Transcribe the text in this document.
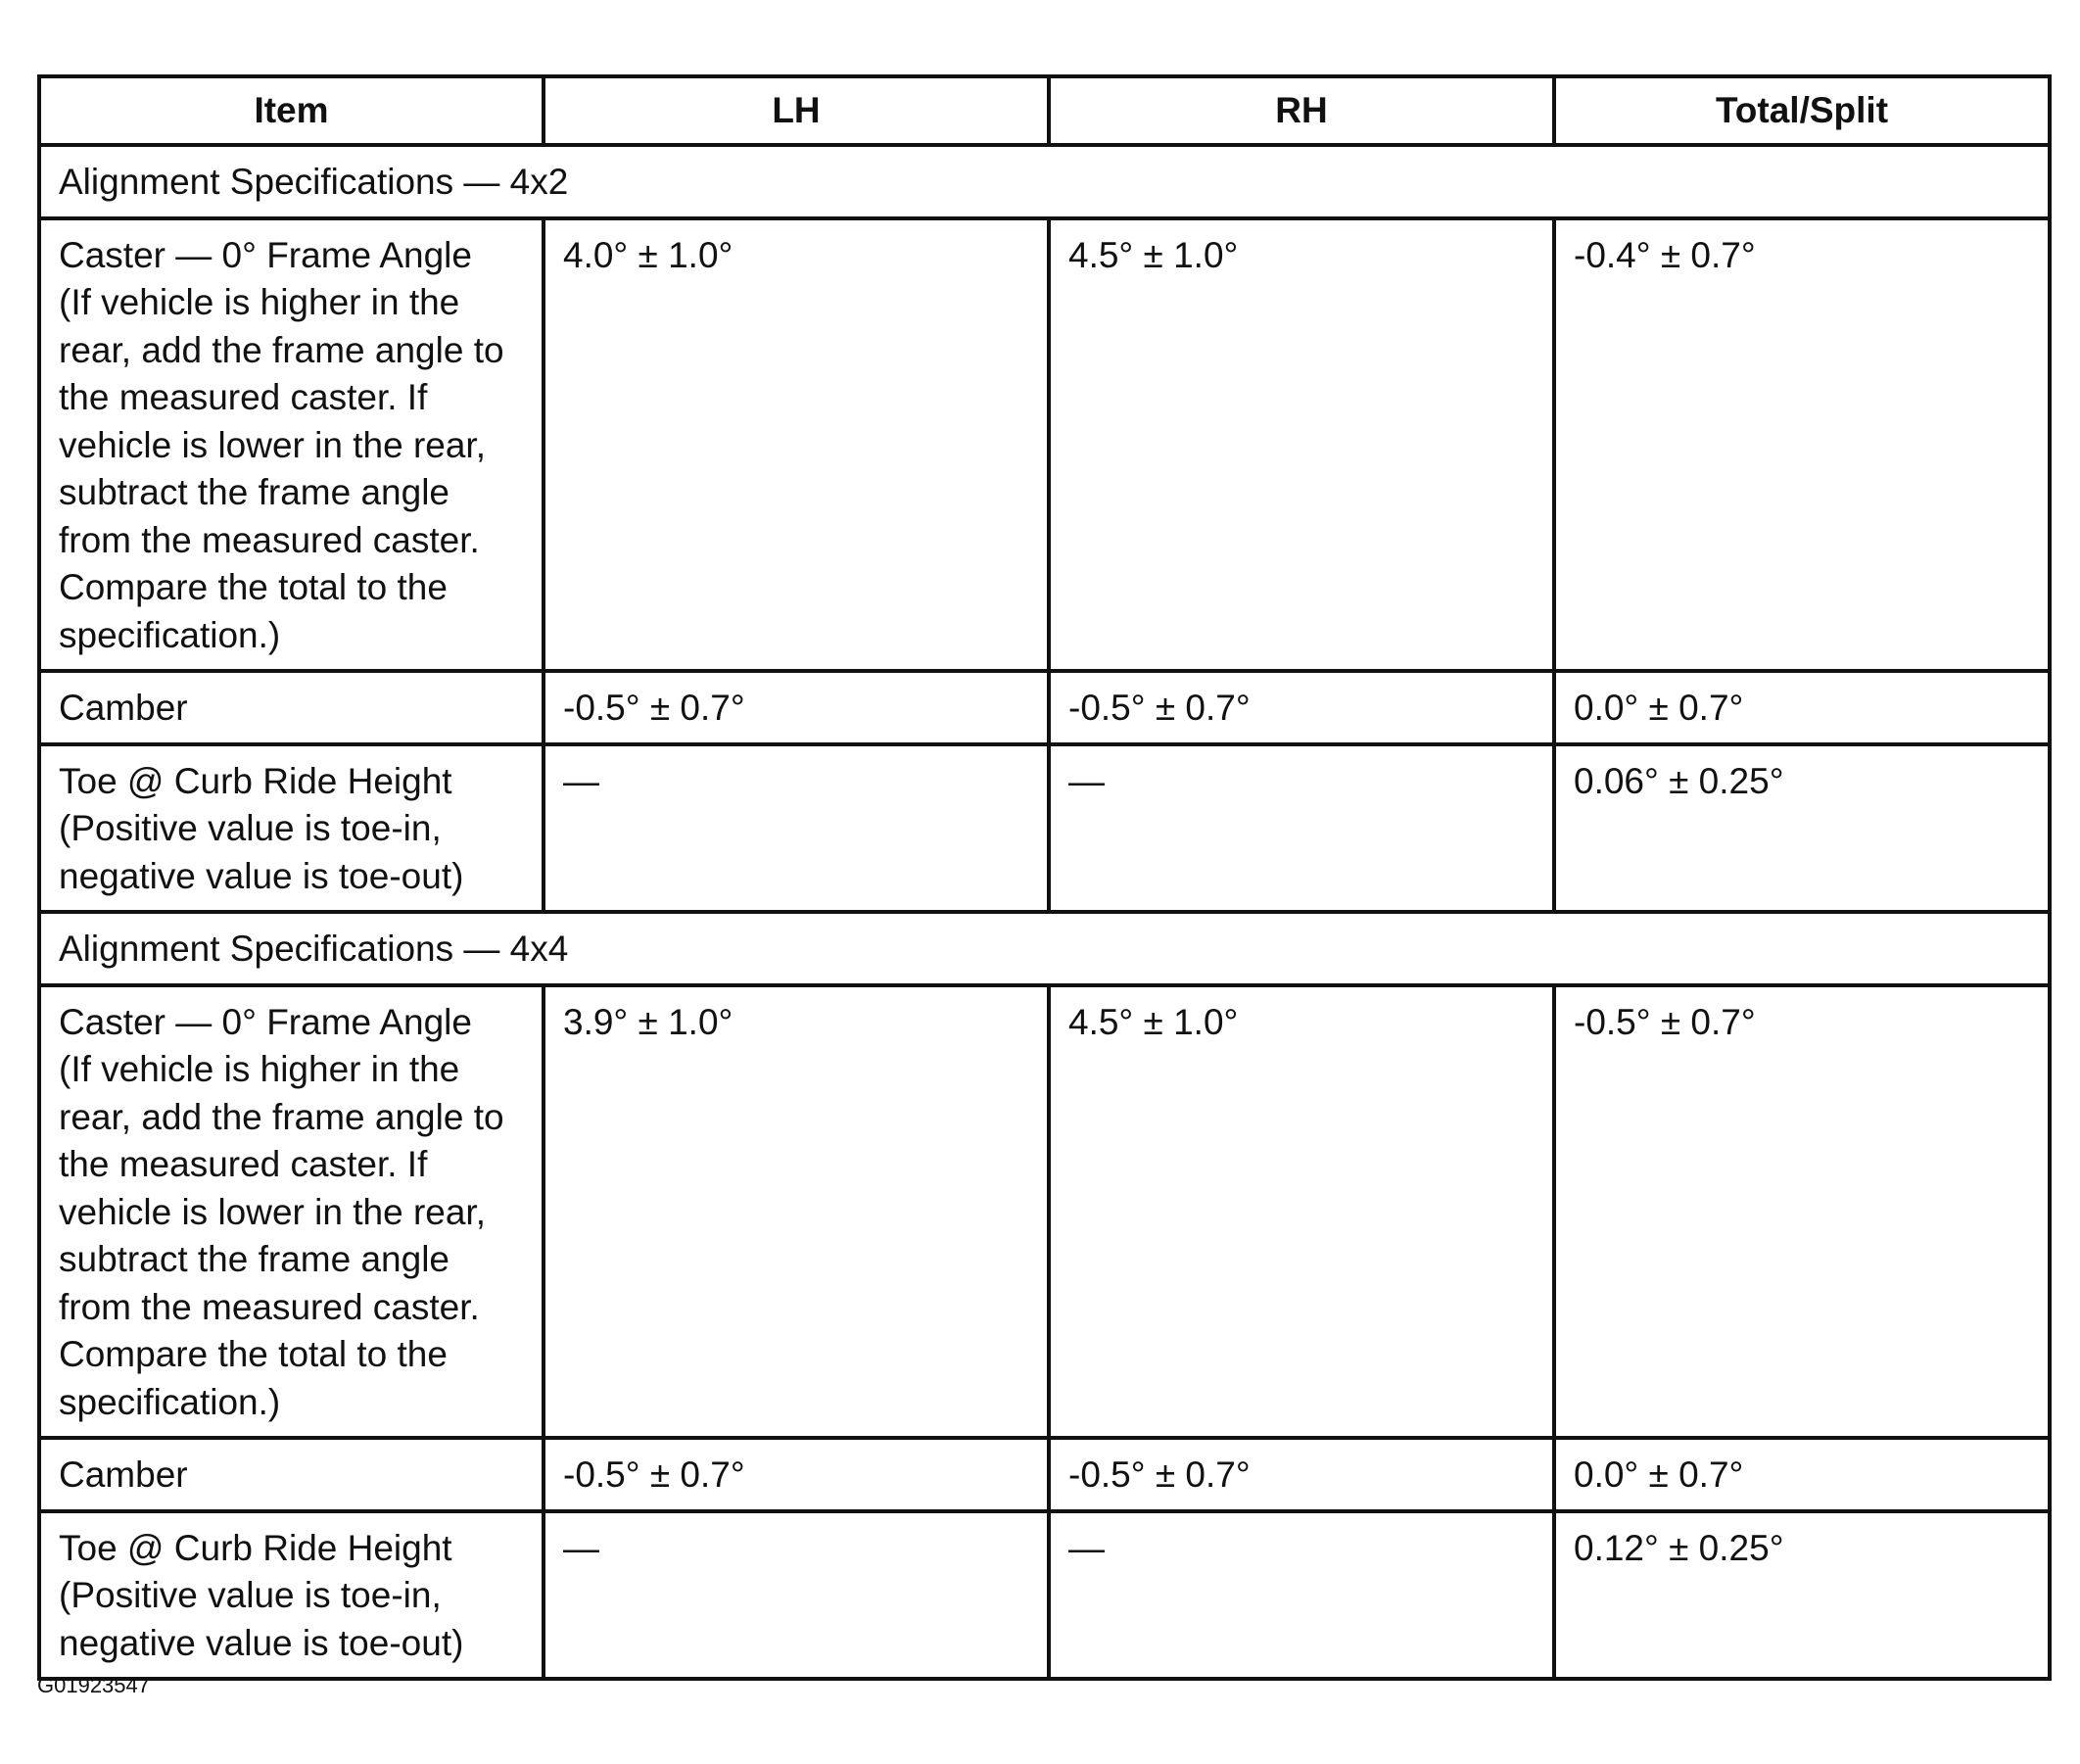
Item	LH	RH	Total/Split
Alignment Specifications — 4x2			

Caster — 0° Frame Angle
(If vehicle is higher in the rear, add the frame angle to the measured caster. If vehicle is lower in the rear, subtract the frame angle from the measured caster. Compare the total to the specification.)	4.0° ± 1.0°	4.5° ± 1.0°	-0.4° ± 0.7°

Camber	-0.5° ± 0.7°	-0.5° ± 0.7°	0.0° ± 0.7°

Toe @ Curb Ride Height
(Positive value is toe-in, negative value is toe-out)	—	—	0.06° ± 0.25°
Alignment Specifications — 4x4			

Caster — 0° Frame Angle
(If vehicle is higher in the rear, add the frame angle to the measured caster. If vehicle is lower in the rear, subtract the frame angle from the measured caster. Compare the total to the specification.)	3.9° ± 1.0°	4.5° ± 1.0°	-0.5° ± 0.7°

Camber	-0.5° ± 0.7°	-0.5° ± 0.7°	0.0° ± 0.7°

Toe @ Curb Ride Height
(Positive value is toe-in, negative value is toe-out)	—	—	0.12° ± 0.25°
G01923547
